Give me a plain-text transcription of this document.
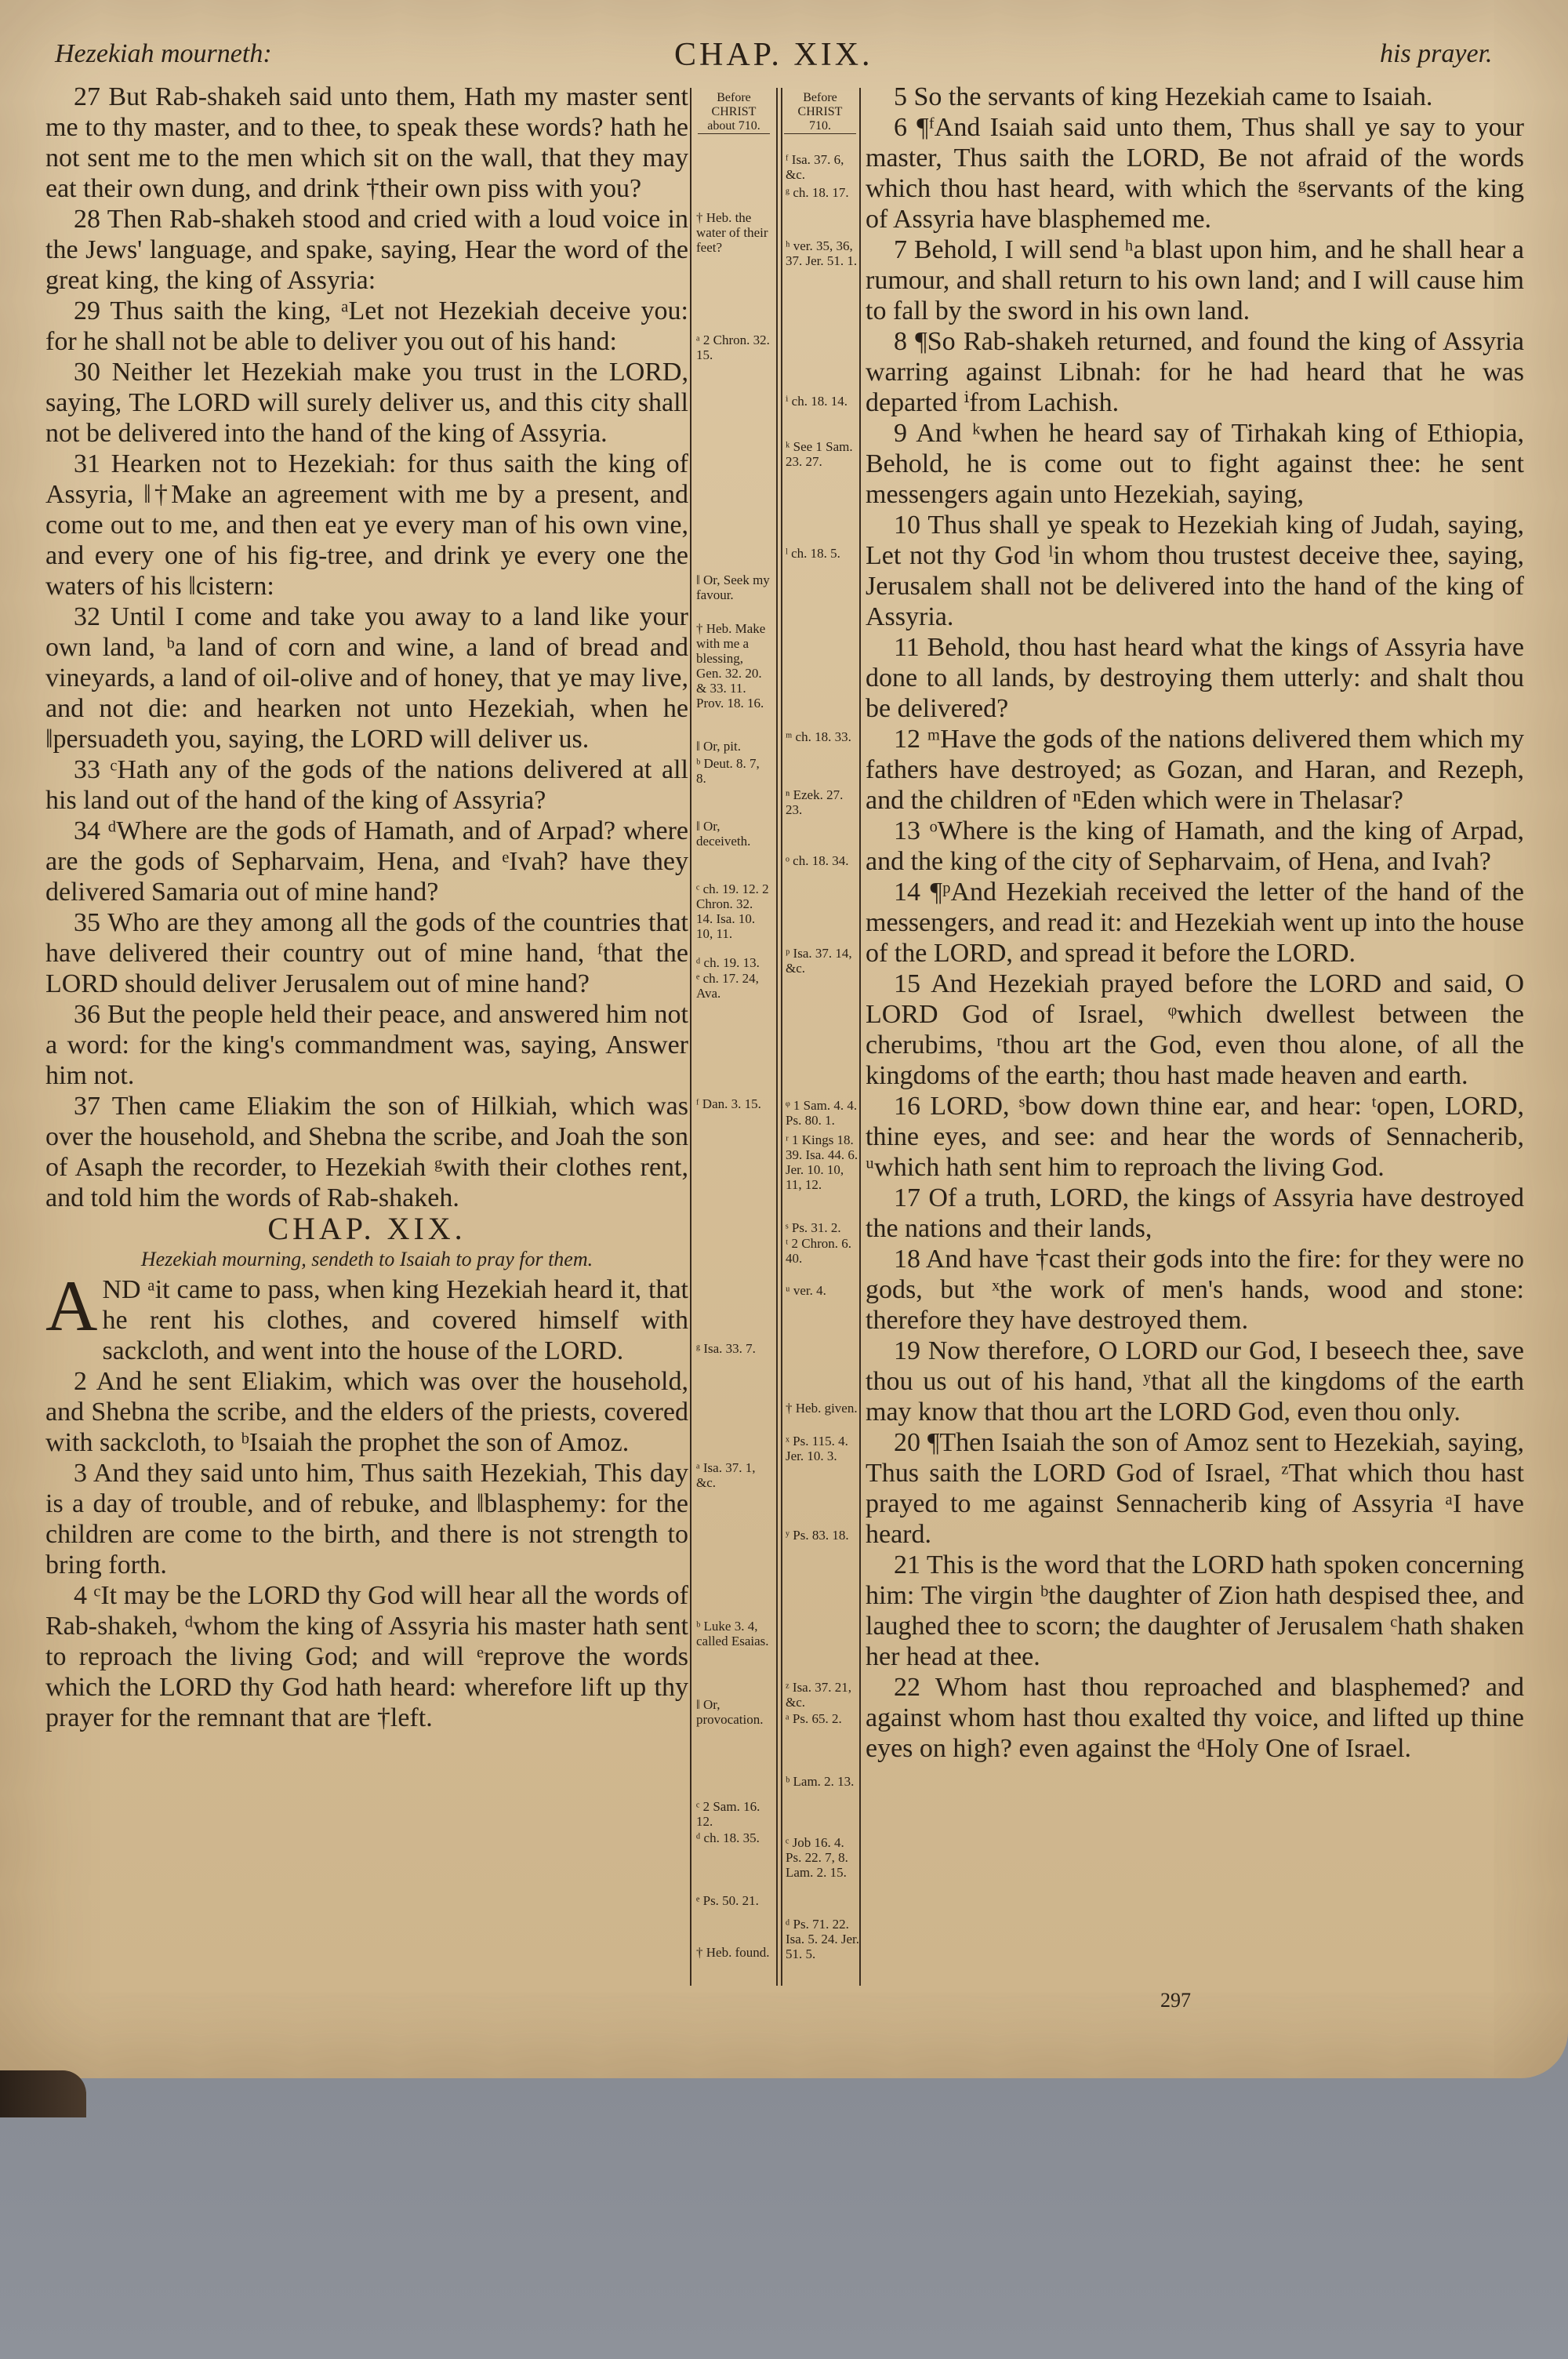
Hezekiah mourneth:	CHAP. XIX.	his prayer.

27 But Rab-shakeh said unto them, Hath my master sent me to thy master, and to thee, to speak these words? hath he not sent me to the men which sit on the wall, that they may eat their own dung, and drink †their own piss with you?

28 Then Rab-shakeh stood and cried with a loud voice in the Jews' language, and spake, saying, Hear the word of the great king, the king of Assyria:

29 Thus saith the king, ᵃLet not Hezekiah deceive you: for he shall not be able to deliver you out of his hand:

30 Neither let Hezekiah make you trust in the LORD, saying, The LORD will surely deliver us, and this city shall not be delivered into the hand of the king of Assyria.

31 Hearken not to Hezekiah: for thus saith the king of Assyria, ‖†Make an agreement with me by a present, and come out to me, and then eat ye every man of his own vine, and every one of his fig-tree, and drink ye every one the waters of his ‖cistern:

32 Until I come and take you away to a land like your own land, ᵇa land of corn and wine, a land of bread and vineyards, a land of oil-olive and of honey, that ye may live, and not die: and hearken not unto Hezekiah, when he ‖persuadeth you, saying, the LORD will deliver us.

33 ᶜHath any of the gods of the nations delivered at all his land out of the hand of the king of Assyria?

34 ᵈWhere are the gods of Hamath, and of Arpad? where are the gods of Sepharvaim, Hena, and ᵉIvah? have they delivered Samaria out of mine hand?

35 Who are they among all the gods of the countries that have delivered their country out of mine hand, ᶠthat the LORD should deliver Jerusalem out of mine hand?

36 But the people held their peace, and answered him not a word: for the king's commandment was, saying, Answer him not.

37 Then came Eliakim the son of Hilkiah, which was over the household, and Shebna the scribe, and Joah the son of Asaph the recorder, to Hezekiah ᵍwith their clothes rent, and told him the words of Rab-shakeh.

CHAP. XIX.

Hezekiah mourning, sendeth to Isaiah to pray for them.

AND ᵃit came to pass, when king Hezekiah heard it, that he rent his clothes, and covered himself with sackcloth, and went into the house of the LORD.

2 And he sent Eliakim, which was over the household, and Shebna the scribe, and the elders of the priests, covered with sackcloth, to ᵇIsaiah the prophet the son of Amoz.

3 And they said unto him, Thus saith Hezekiah, This day is a day of trouble, and of rebuke, and ‖blasphemy: for the children are come to the birth, and there is not strength to bring forth.

4 ᶜIt may be the LORD thy God will hear all the words of Rab-shakeh, ᵈwhom the king of Assyria his master hath sent to reproach the living God; and will ᵉreprove the words which the LORD thy God hath heard: wherefore lift up thy prayer for the remnant that are †left.

Before
CHRIST
about 710.
Before
CHRIST
710.
† Heb. the water of their feet?
ᵃ 2 Chron. 32. 15.
‖ Or, Seek my favour.
† Heb. Make with me a blessing, Gen. 32. 20. & 33. 11. Prov. 18. 16.
‖ Or, pit.
ᵇ Deut. 8. 7, 8.
‖ Or, deceiveth.
ᶜ ch. 19. 12. 2 Chron. 32. 14. Isa. 10. 10, 11.
ᵈ ch. 19. 13.
ᵉ ch. 17. 24, Ava.
ᶠ Dan. 3. 15.
ᵍ Isa. 33. 7.
ᵃ Isa. 37. 1, &c.
ᵇ Luke 3. 4, called Esaias.
‖ Or, provocation.
ᶜ 2 Sam. 16. 12.
ᵈ ch. 18. 35.
ᵉ Ps. 50. 21.
† Heb. found.
ᶠ Isa. 37. 6, &c.
ᵍ ch. 18. 17.
ʰ ver. 35, 36, 37. Jer. 51. 1.
ⁱ ch. 18. 14.
ᵏ See 1 Sam. 23. 27.
ˡ ch. 18. 5.
ᵐ ch. 18. 33.
ⁿ Ezek. 27. 23.
ᵒ ch. 18. 34.
ᵖ Isa. 37. 14, &c.
ᵠ 1 Sam. 4. 4. Ps. 80. 1.
ʳ 1 Kings 18. 39. Isa. 44. 6. Jer. 10. 10, 11, 12.
ˢ Ps. 31. 2.
ᵗ 2 Chron. 6. 40.
ᵘ ver. 4.
† Heb. given.
ˣ Ps. 115. 4. Jer. 10. 3.
ʸ Ps. 83. 18.
ᶻ Isa. 37. 21, &c.
ᵃ Ps. 65. 2.
ᵇ Lam. 2. 13.
ᶜ Job 16. 4. Ps. 22. 7, 8. Lam. 2. 15.
ᵈ Ps. 71. 22. Isa. 5. 24. Jer. 51. 5.

5 So the servants of king Hezekiah came to Isaiah.

6 ¶ᶠAnd Isaiah said unto them, Thus shall ye say to your master, Thus saith the LORD, Be not afraid of the words which thou hast heard, with which the ᵍservants of the king of Assyria have blasphemed me.

7 Behold, I will send ʰa blast upon him, and he shall hear a rumour, and shall return to his own land; and I will cause him to fall by the sword in his own land.

8 ¶So Rab-shakeh returned, and found the king of Assyria warring against Libnah: for he had heard that he was departed ⁱfrom Lachish.

9 And ᵏwhen he heard say of Tirhakah king of Ethiopia, Behold, he is come out to fight against thee: he sent messengers again unto Hezekiah, saying,

10 Thus shall ye speak to Hezekiah king of Judah, saying, Let not thy God ˡin whom thou trustest deceive thee, saying, Jerusalem shall not be delivered into the hand of the king of Assyria.

11 Behold, thou hast heard what the kings of Assyria have done to all lands, by destroying them utterly: and shalt thou be delivered?

12 ᵐHave the gods of the nations delivered them which my fathers have destroyed; as Gozan, and Haran, and Rezeph, and the children of ⁿEden which were in Thelasar?

13 ᵒWhere is the king of Hamath, and the king of Arpad, and the king of the city of Sepharvaim, of Hena, and Ivah?

14 ¶ᵖAnd Hezekiah received the letter of the hand of the messengers, and read it: and Hezekiah went up into the house of the LORD, and spread it before the LORD.

15 And Hezekiah prayed before the LORD and said, O LORD God of Israel, ᵠwhich dwellest between the cherubims, ʳthou art the God, even thou alone, of all the kingdoms of the earth; thou hast made heaven and earth.

16 LORD, ˢbow down thine ear, and hear: ᵗopen, LORD, thine eyes, and see: and hear the words of Sennacherib, ᵘwhich hath sent him to reproach the living God.

17 Of a truth, LORD, the kings of Assyria have destroyed the nations and their lands,

18 And have †cast their gods into the fire: for they were no gods, but ˣthe work of men's hands, wood and stone: therefore they have destroyed them.

19 Now therefore, O LORD our God, I beseech thee, save thou us out of his hand, ʸthat all the kingdoms of the earth may know that thou art the LORD God, even thou only.

20 ¶Then Isaiah the son of Amoz sent to Hezekiah, saying, Thus saith the LORD God of Israel, ᶻThat which thou hast prayed to me against Sennacherib king of Assyria ᵃI have heard.

21 This is the word that the LORD hath spoken concerning him: The virgin ᵇthe daughter of Zion hath despised thee, and laughed thee to scorn; the daughter of Jerusalem ᶜhath shaken her head at thee.

22 Whom hast thou reproached and blasphemed? and against whom hast thou exalted thy voice, and lifted up thine eyes on high? even against the ᵈHoly One of Israel.

297
